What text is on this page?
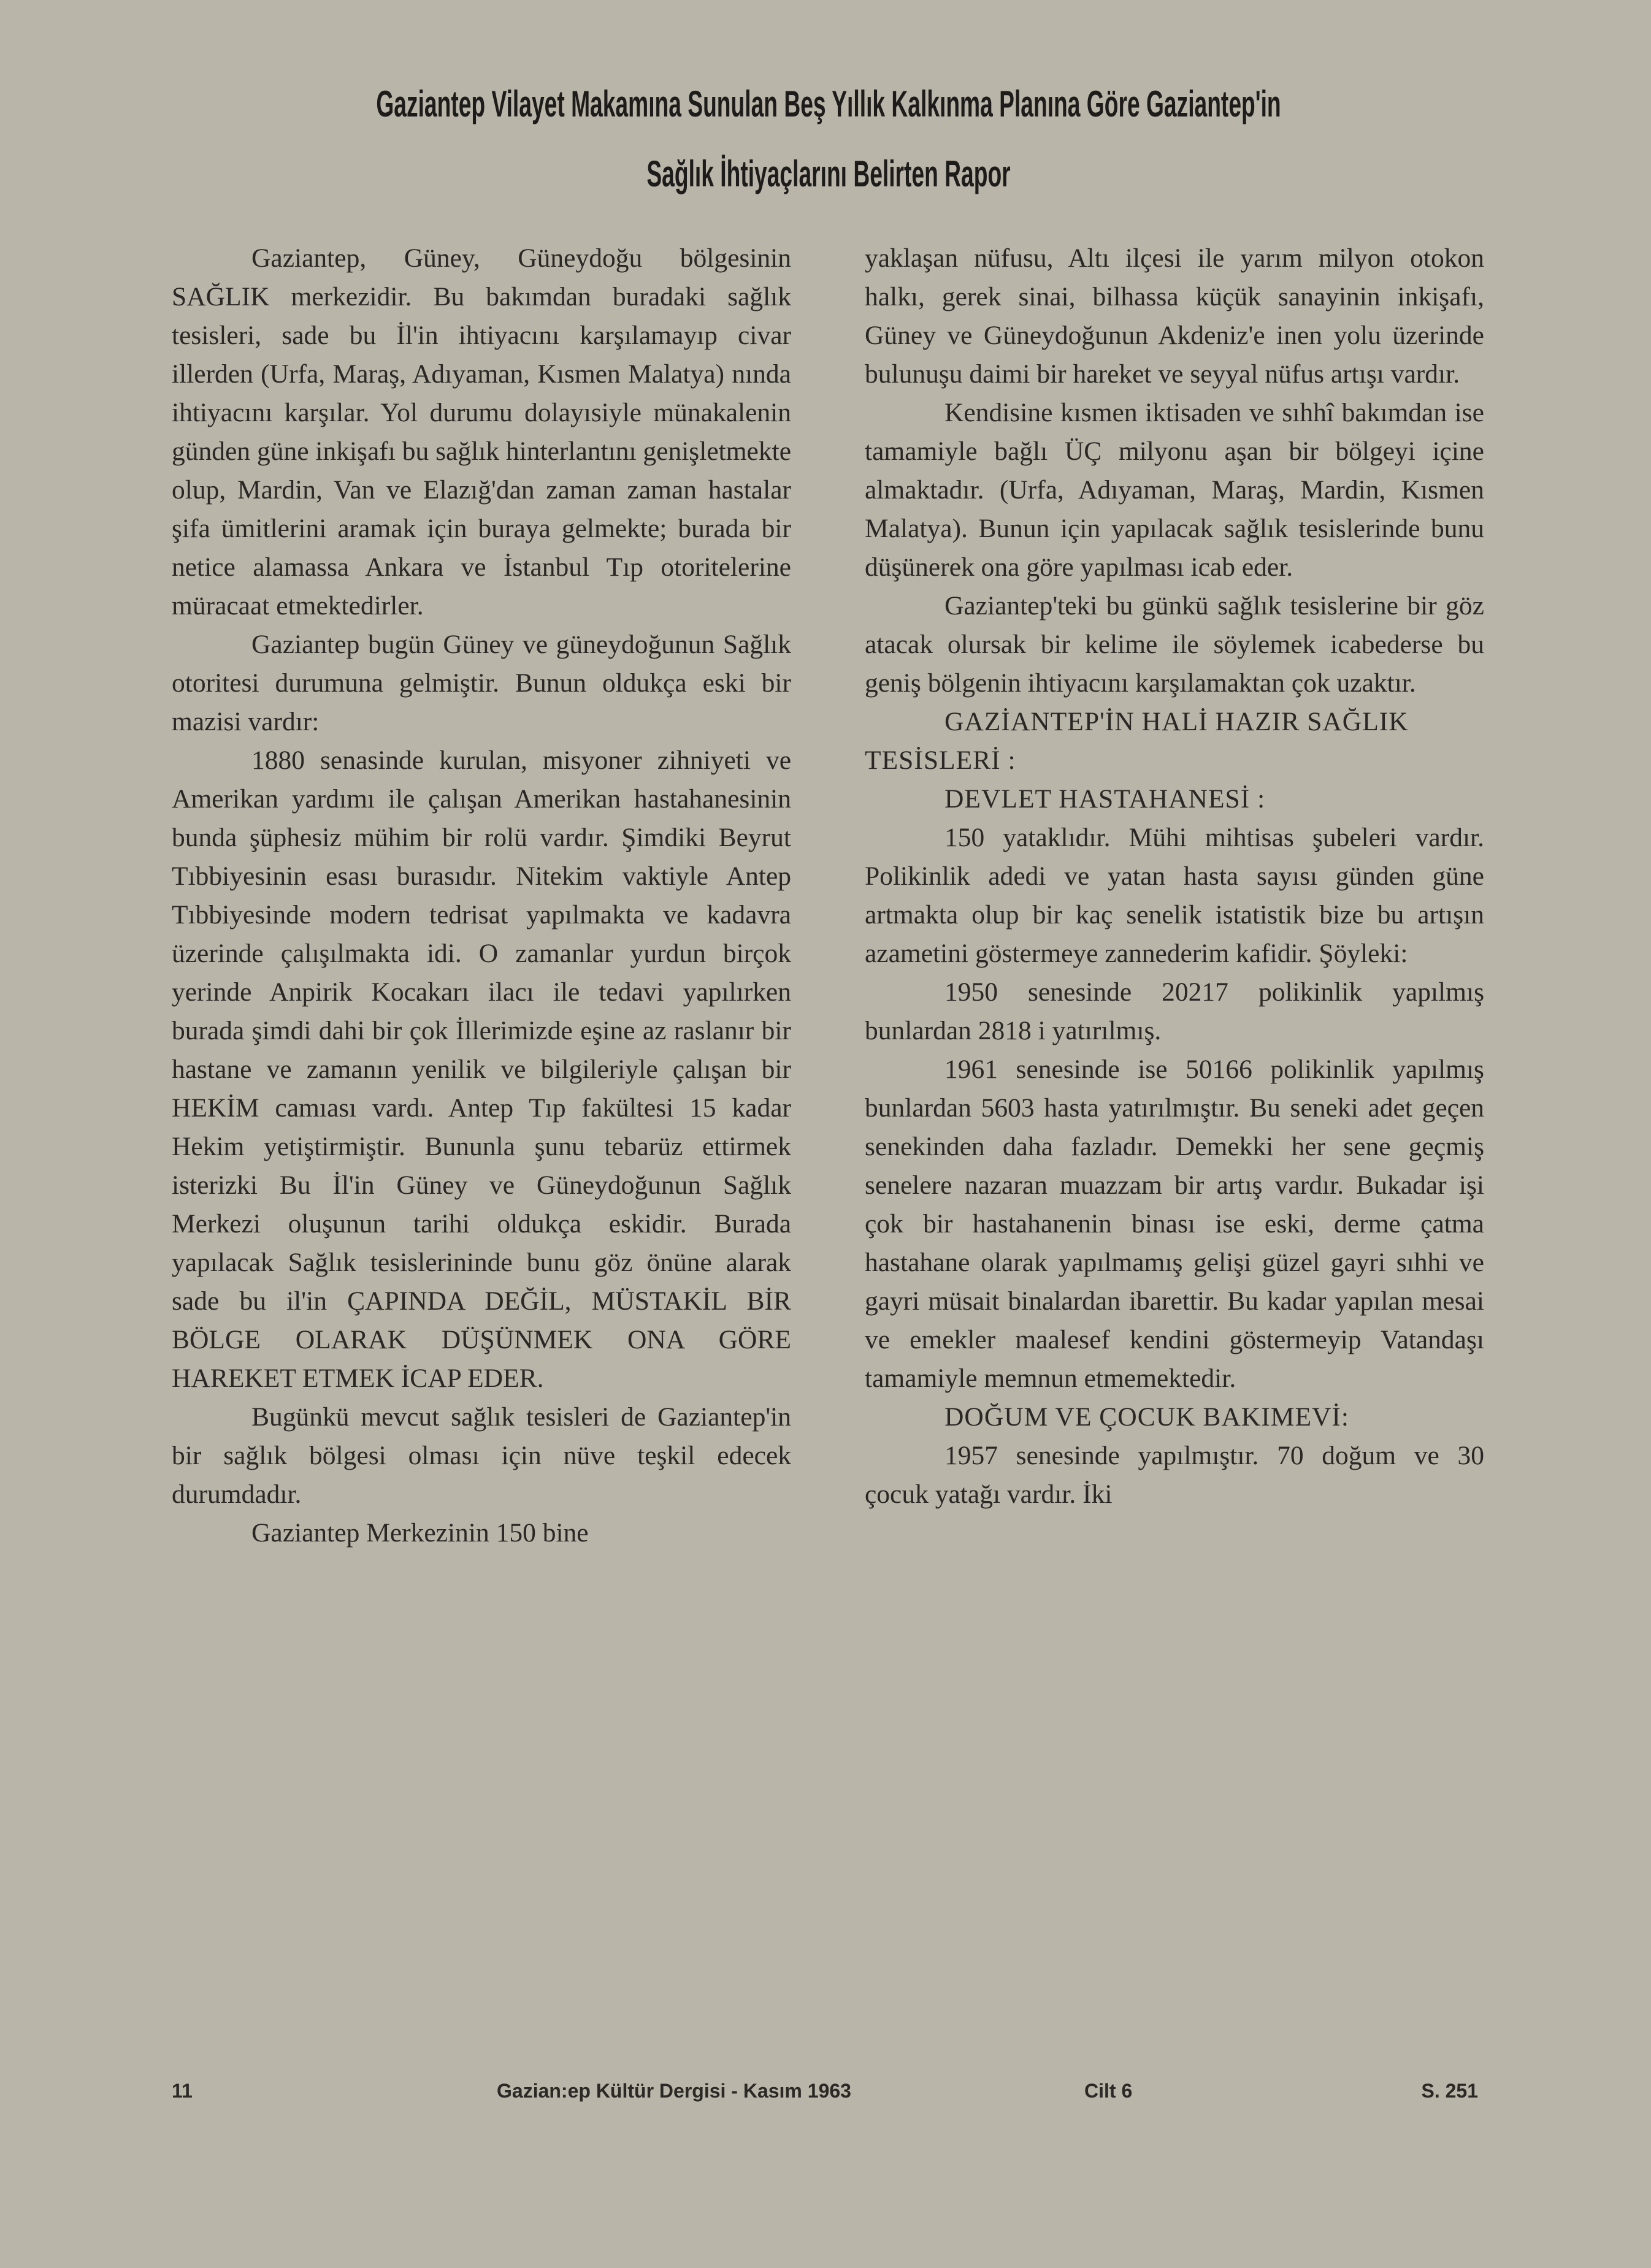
Gaziantep Vilayet Makamına Sunulan Beş Yıllık Kalkınma Planına Göre Gaziantep'in
Sağlık İhtiyaçlarını Belirten Rapor

Gaziantep, Güney, Güneydoğu bölgesinin SAĞLIK merkezidir. Bu bakımdan buradaki sağlık tesisleri, sade bu İl'in ihtiyacını karşılamayıp civar illerden (Urfa, Maraş, Adıyaman, Kısmen Malatya) nında ihtiyacını karşılar. Yol durumu dolayısiyle münakalenin günden güne inkişafı bu sağlık hinterlantını genişletmekte olup, Mardin, Van ve Elazığ'dan zaman zaman hastalar şifa ümitlerini aramak için buraya gelmekte; burada bir netice alamassa Ankara ve İstanbul Tıp otoritelerine müracaat etmektedirler.

Gaziantep bugün Güney ve güneydoğunun Sağlık otoritesi durumuna gelmiştir. Bunun oldukça eski bir mazisi vardır:

1880 senasinde kurulan, misyoner zihniyeti ve Amerikan yardımı ile çalışan Amerikan hastahanesinin bunda şüphesiz mühim bir rolü vardır. Şimdiki Beyrut Tıbbiyesinin esası burasıdır. Nitekim vaktiyle Antep Tıbbiyesinde modern tedrisat yapılmakta ve kadavra üzerinde çalışılmakta idi. O zamanlar yurdun birçok yerinde Anpirik Kocakarı ilacı ile tedavi yapılırken burada şimdi dahi bir çok İllerimizde eşine az raslanır bir hastane ve zamanın yenilik ve bilgileriyle çalışan bir HEKİM camıası vardı. Antep Tıp fakültesi 15 kadar Hekim yetiştirmiştir. Bununla şunu tebarüz ettirmek isterizki Bu İl'in Güney ve Güneydoğunun Sağlık Merkezi oluşunun tarihi oldukça eskidir. Burada yapılacak Sağlık tesislerininde bunu göz önüne alarak sade bu il'in ÇAPINDA DEĞİL, MÜSTAKİL BİR BÖLGE OLARAK DÜŞÜNMEK ONA GÖRE HAREKET ETMEK İCAP EDER.

Bugünkü mevcut sağlık tesisleri de Gaziantep'in bir sağlık bölgesi olması için nüve teşkil edecek durumdadır.

Gaziantep Merkezinin 150 bine

yaklaşan nüfusu, Altı ilçesi ile yarım milyon otokon halkı, gerek sinai, bilhassa küçük sanayinin inkişafı, Güney ve Güneydoğunun Akdeniz'e inen yolu üzerinde bulunuşu daimi bir hareket ve seyyal nüfus artışı vardır.

Kendisine kısmen iktisaden ve sıhhî bakımdan ise tamamiyle bağlı ÜÇ milyonu aşan bir bölgeyi içine almaktadır. (Urfa, Adıyaman, Maraş, Mardin, Kısmen Malatya). Bunun için yapılacak sağlık tesislerinde bunu düşünerek ona göre yapılması icab eder.

Gaziantep'teki bu günkü sağlık tesislerine bir göz atacak olursak bir kelime ile söylemek icabederse bu geniş bölgenin ihtiyacını karşılamaktan çok uzaktır.

GAZİANTEP'İN HALİ HAZIR SAĞLIK TESİSLERİ :
DEVLET HASTAHANESİ :

150 yataklıdır. Mühi mihtisas şubeleri vardır. Polikinlik adedi ve yatan hasta sayısı günden güne artmakta olup bir kaç senelik istatistik bize bu artışın azametini göstermeye zannederim kafidir. Şöyleki:

1950 senesinde 20217 polikinlik yapılmış bunlardan 2818 i yatırılmış.

1961 senesinde ise 50166 polikinlik yapılmış bunlardan 5603 hasta yatırılmıştır. Bu seneki adet geçen senekinden daha fazladır. Demekki her sene geçmiş senelere nazaran muazzam bir artış vardır. Bukadar işi çok bir hastahanenin binası ise eski, derme çatma hastahane olarak yapılmamış gelişi güzel gayri sıhhi ve gayri müsait binalardan ibarettir. Bu kadar yapılan mesai ve emekler maalesef kendini göstermeyip Vatandaşı tamamiyle memnun etmemektedir.

DOĞUM VE ÇOCUK BAKIMEVİ:

1957 senesinde yapılmıştır. 70 doğum ve 30 çocuk yatağı vardır. İki

11	Gazian:ep Kültür Dergisi - Kasım 1963	Cilt 6	S. 251
